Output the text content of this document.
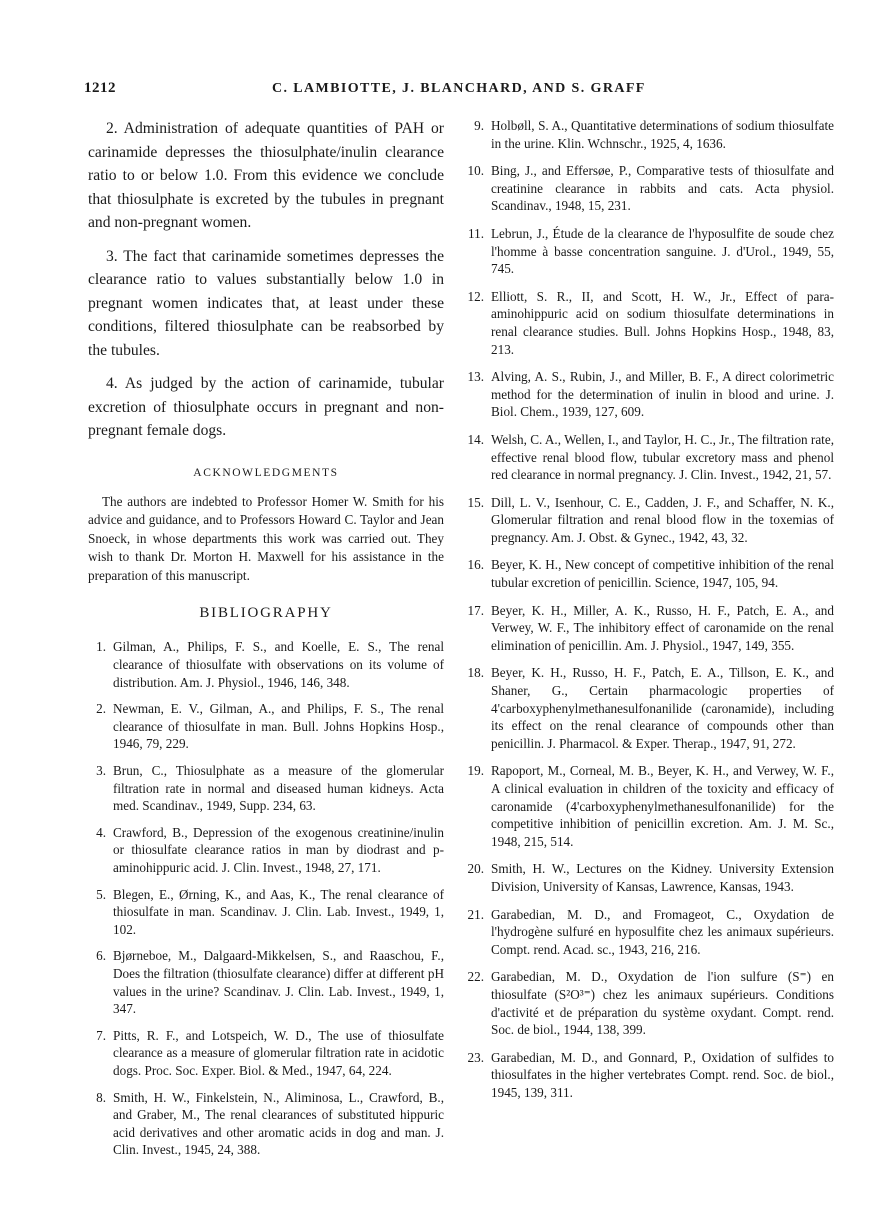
1212	C. LAMBIOTTE, J. BLANCHARD, AND S. GRAFF

2. Administration of adequate quantities of PAH or carinamide depresses the thiosulphate/inulin clearance ratio to or below 1.0. From this evidence we conclude that thiosulphate is excreted by the tubules in pregnant and non-pregnant women.

3. The fact that carinamide sometimes depresses the clearance ratio to values substantially below 1.0 in pregnant women indicates that, at least under these conditions, filtered thiosulphate can be reabsorbed by the tubules.

4. As judged by the action of carinamide, tubular excretion of thiosulphate occurs in pregnant and non-pregnant female dogs.

ACKNOWLEDGMENTS

The authors are indebted to Professor Homer W. Smith for his advice and guidance, and to Professors Howard C. Taylor and Jean Snoeck, in whose departments this work was carried out. They wish to thank Dr. Morton H. Maxwell for his assistance in the preparation of this manuscript.

BIBLIOGRAPHY
1. Gilman, A., Philips, F. S., and Koelle, E. S., The renal clearance of thiosulfate with observations on its volume of distribution. Am. J. Physiol., 1946, 146, 348.
2. Newman, E. V., Gilman, A., and Philips, F. S., The renal clearance of thiosulfate in man. Bull. Johns Hopkins Hosp., 1946, 79, 229.
3. Brun, C., Thiosulphate as a measure of the glomerular filtration rate in normal and diseased human kidneys. Acta med. Scandinav., 1949, Supp. 234, 63.
4. Crawford, B., Depression of the exogenous creatinine/inulin or thiosulfate clearance ratios in man by diodrast and p-aminohippuric acid. J. Clin. Invest., 1948, 27, 171.
5. Blegen, E., Ørning, K., and Aas, K., The renal clearance of thiosulfate in man. Scandinav. J. Clin. Lab. Invest., 1949, 1, 102.
6. Bjørneboe, M., Dalgaard-Mikkelsen, S., and Raaschou, F., Does the filtration (thiosulfate clearance) differ at different pH values in the urine? Scandinav. J. Clin. Lab. Invest., 1949, 1, 347.
7. Pitts, R. F., and Lotspeich, W. D., The use of thiosulfate clearance as a measure of glomerular filtration rate in acidotic dogs. Proc. Soc. Exper. Biol. & Med., 1947, 64, 224.
8. Smith, H. W., Finkelstein, N., Aliminosa, L., Crawford, B., and Graber, M., The renal clearances of substituted hippuric acid derivatives and other aromatic acids in dog and man. J. Clin. Invest., 1945, 24, 388.
9. Holbøll, S. A., Quantitative determinations of sodium thiosulfate in the urine. Klin. Wchnschr., 1925, 4, 1636.
10. Bing, J., and Effersøe, P., Comparative tests of thiosulfate and creatinine clearance in rabbits and cats. Acta physiol. Scandinav., 1948, 15, 231.
11. Lebrun, J., Étude de la clearance de l'hyposulfite de soude chez l'homme à basse concentration sanguine. J. d'Urol., 1949, 55, 745.
12. Elliott, S. R., II, and Scott, H. W., Jr., Effect of para-aminohippuric acid on sodium thiosulfate determinations in renal clearance studies. Bull. Johns Hopkins Hosp., 1948, 83, 213.
13. Alving, A. S., Rubin, J., and Miller, B. F., A direct colorimetric method for the determination of inulin in blood and urine. J. Biol. Chem., 1939, 127, 609.
14. Welsh, C. A., Wellen, I., and Taylor, H. C., Jr., The filtration rate, effective renal blood flow, tubular excretory mass and phenol red clearance in normal pregnancy. J. Clin. Invest., 1942, 21, 57.
15. Dill, L. V., Isenhour, C. E., Cadden, J. F., and Schaffer, N. K., Glomerular filtration and renal blood flow in the toxemias of pregnancy. Am. J. Obst. & Gynec., 1942, 43, 32.
16. Beyer, K. H., New concept of competitive inhibition of the renal tubular excretion of penicillin. Science, 1947, 105, 94.
17. Beyer, K. H., Miller, A. K., Russo, H. F., Patch, E. A., and Verwey, W. F., The inhibitory effect of caronamide on the renal elimination of penicillin. Am. J. Physiol., 1947, 149, 355.
18. Beyer, K. H., Russo, H. F., Patch, E. A., Tillson, E. K., and Shaner, G., Certain pharmacologic properties of 4'carboxyphenylmethanesulfonanilide (caronamide), including its effect on the renal clearance of compounds other than penicillin. J. Pharmacol. & Exper. Therap., 1947, 91, 272.
19. Rapoport, M., Corneal, M. B., Beyer, K. H., and Verwey, W. F., A clinical evaluation in children of the toxicity and efficacy of caronamide (4'carboxyphenylmethanesulfonanilide) for the competitive inhibition of penicillin excretion. Am. J. M. Sc., 1948, 215, 514.
20. Smith, H. W., Lectures on the Kidney. University Extension Division, University of Kansas, Lawrence, Kansas, 1943.
21. Garabedian, M. D., and Fromageot, C., Oxydation de l'hydrogène sulfuré en hyposulfite chez les animaux supérieurs. Compt. rend. Acad. sc., 1943, 216, 216.
22. Garabedian, M. D., Oxydation de l'ion sulfure (S⁼) en thiosulfate (S²O³⁼) chez les animaux supérieurs. Conditions d'activité et de préparation du système oxydant. Compt. rend. Soc. de biol., 1944, 138, 399.
23. Garabedian, M. D., and Gonnard, P., Oxidation of sulfides to thiosulfates in the higher vertebrates Compt. rend. Soc. de biol., 1945, 139, 311.
